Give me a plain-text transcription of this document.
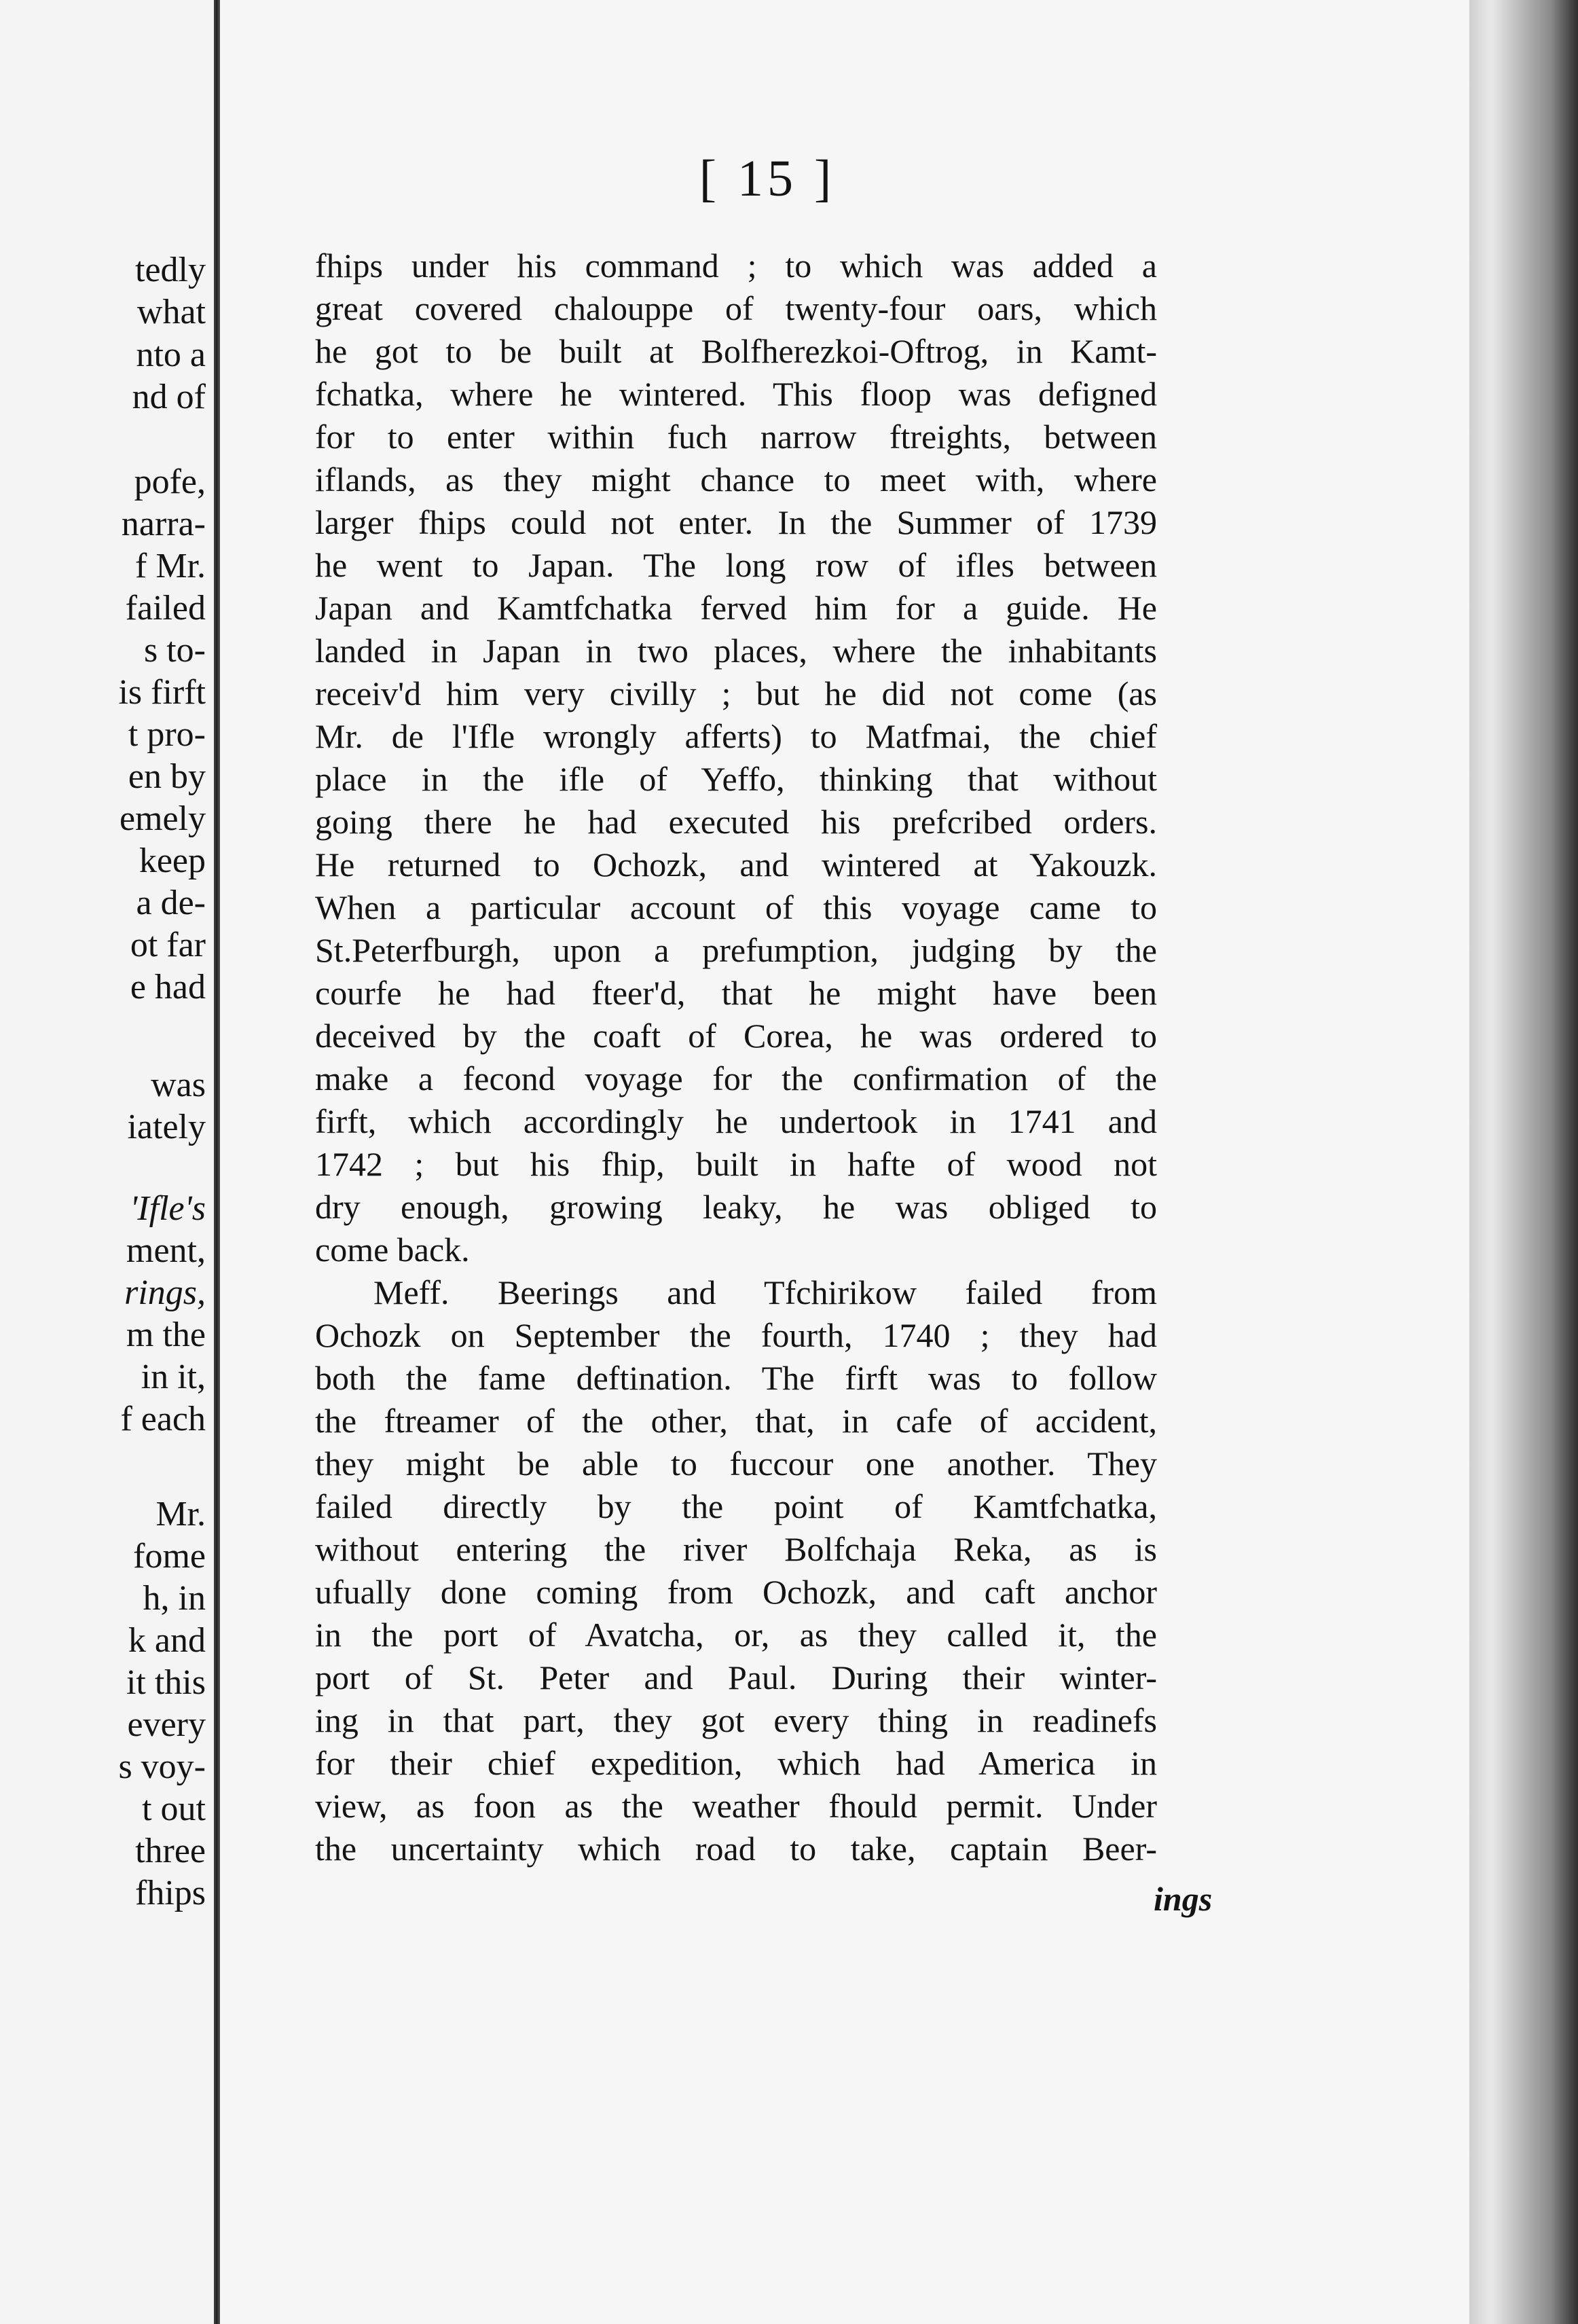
tedly
what
nto a
nd of
pofe,
narra-
f Mr.
failed
s to-
is firft
t pro-
en by
emely
keep
a de-
ot far
e had
was
iately
'Ifle's
ment,
rings,
m the
in it,
f each
Mr.
fome
h, in
k and
it this
every
s voy-
t out
three
fhips
[ 15 ]
fhips under his command ; to which was added a
great covered chalouppe of twenty-four oars, which
he got to be built at Bolfherezkoi-Oftrog, in Kamt-
fchatka, where he wintered. This floop was defigned
for to enter within fuch narrow ftreights, between
iflands, as they might chance to meet with, where
larger fhips could not enter. In the Summer of 1739
he went to Japan. The long row of ifles between
Japan and Kamtfchatka ferved him for a guide. He
landed in Japan in two places, where the inhabitants
receiv'd him very civilly ; but he did not come (as
Mr. de l'Ifle wrongly afferts) to Matfmai, the chief
place in the ifle of Yeffo, thinking that without
going there he had executed his prefcribed orders.
He returned to Ochozk, and wintered at Yakouzk.
When a particular account of this voyage came to
St.Peterfburgh, upon a prefumption, judging by the
courfe he had fteer'd, that he might have been
deceived by the coaft of Corea, he was ordered to
make a fecond voyage for the confirmation of the
firft, which accordingly he undertook in 1741 and
1742 ; but his fhip, built in hafte of wood not
dry enough, growing leaky, he was obliged to
come back.
Meff. Beerings and Tfchirikow failed from
Ochozk on September the fourth, 1740 ; they had
both the fame deftination. The firft was to follow
the ftreamer of the other, that, in cafe of accident,
they might be able to fuccour one another. They
failed directly by the point of Kamtfchatka,
without entering the river Bolfchaja Reka, as is
ufually done coming from Ochozk, and caft anchor
in the port of Avatcha, or, as they called it, the
port of St. Peter and Paul. During their winter-
ing in that part, they got every thing in readinefs
for their chief expedition, which had America in
view, as foon as the weather fhould permit. Under
the uncertainty which road to take, captain Beer-
ings
